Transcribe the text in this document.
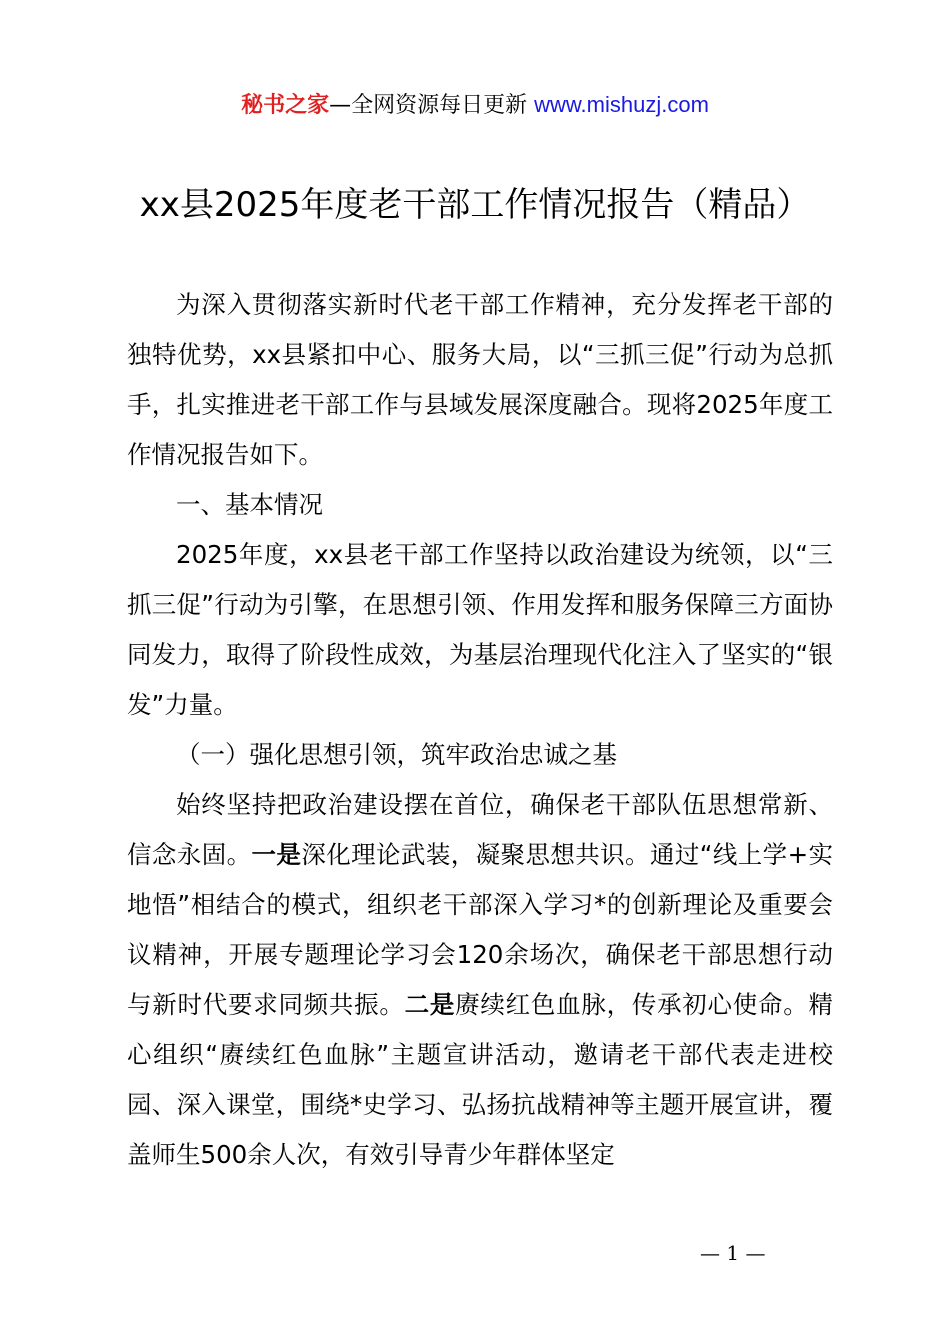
秘书之家—全网资源每日更新 www.mishuzj.com
xx县2025年度老干部工作情况报告（精品）

为深入贯彻落实新时代老干部工作精神，充分发挥老干部的独特优势，xx县紧扣中心、服务大局，以“三抓三促”行动为总抓手，扎实推进老干部工作与县域发展深度融合。现将2025年度工作情况报告如下。

一、基本情况

2025年度，xx县老干部工作坚持以政治建设为统领，以“三抓三促”行动为引擎，在思想引领、作用发挥和服务保障三方面协同发力，取得了阶段性成效，为基层治理现代化注入了坚实的“银发”力量。

（一）强化思想引领，筑牢政治忠诚之基

始终坚持把政治建设摆在首位，确保老干部队伍思想常新、信念永固。一是深化理论武装，凝聚思想共识。通过“线上学+实地悟”相结合的模式，组织老干部深入学习*的创新理论及重要会议精神，开展专题理论学习会120余场次，确保老干部思想行动与新时代要求同频共振。二是赓续红色血脉，传承初心使命。精心组织“赓续红色血脉”主题宣讲活动，邀请老干部代表走进校园、深入课堂，围绕*史学习、弘扬抗战精神等主题开展宣讲，覆盖师生500余人次，有效引导青少年群体坚定

— 1 —
